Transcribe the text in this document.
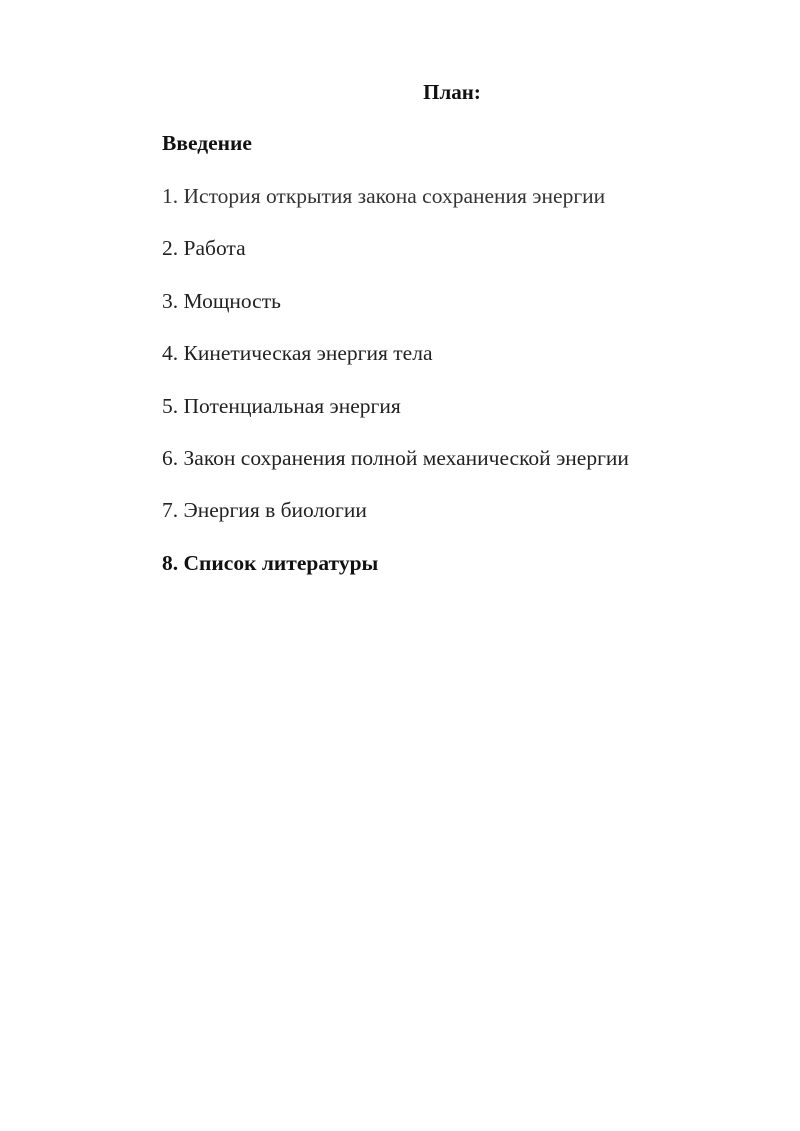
План:
Введение
1. История открытия закона сохранения энергии
2. Работа
3. Мощность
4. Кинетическая энергия тела
5. Потенциальная энергия
6. Закон сохранения полной механической энергии
7. Энергия в биологии
8. Список литературы
